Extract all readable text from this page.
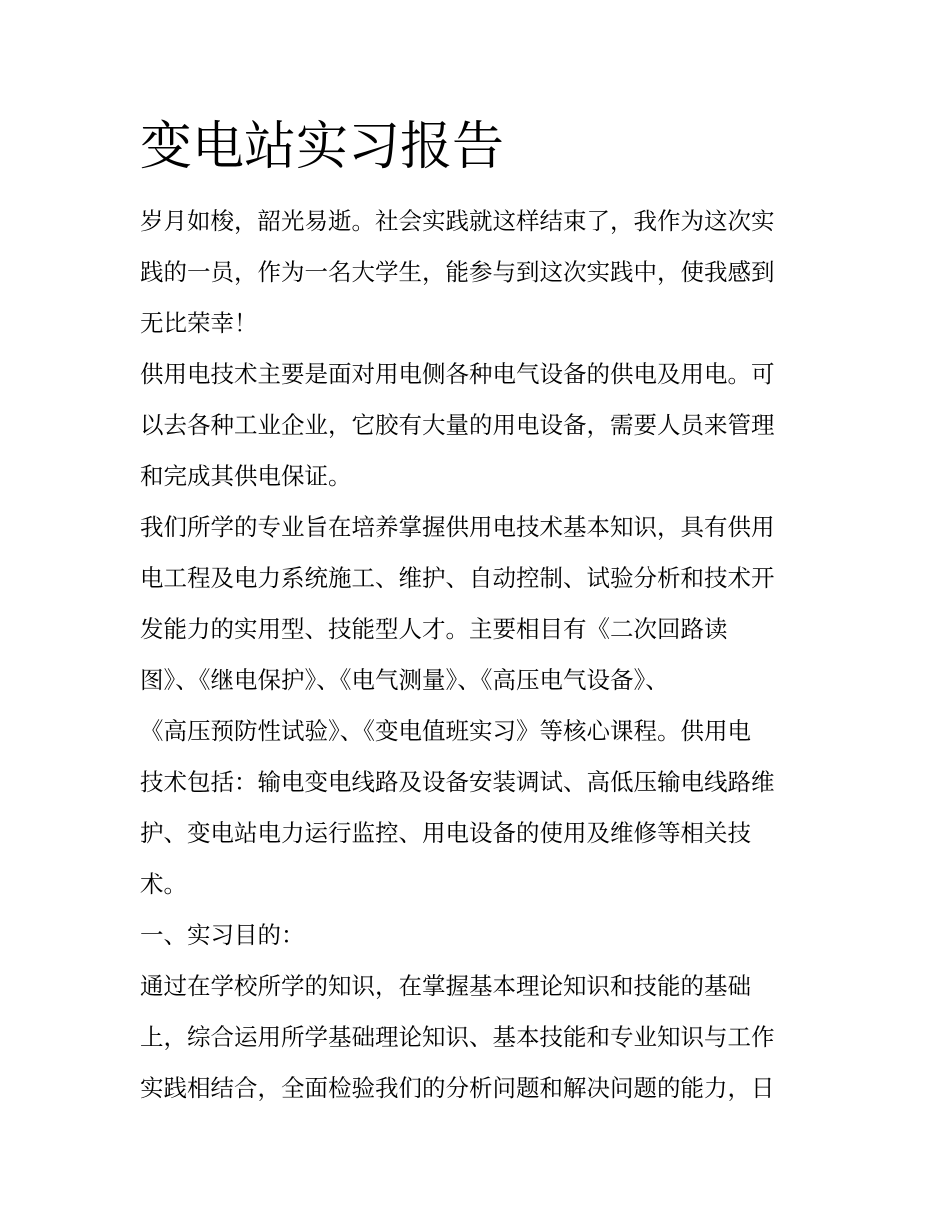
变电站实习报告

岁月如梭，韶光易逝。社会实践就这样结束了，我作为这次实

践的一员，作为一名大学生，能参与到这次实践中，使我感到

无比荣幸！

供用电技术主要是面对用电侧各种电气设备的供电及用电。可

以去各种工业企业，它胶有大量的用电设备，需要人员来管理

和完成其供电保证。

我们所学的专业旨在培养掌握供用电技术基本知识，具有供用

电工程及电力系统施工、维护、自动控制、试验分析和技术开

发能力的实用型、技能型人才。主要相目有《二次回路读

图》、《继电保护》、《电气测量》、《高压电气设备》、

《高压预防性试验》、《变电值班实习》等核心课程。供用电

技术包括：输电变电线路及设备安装调试、高低压输电线路维

护、变电站电力运行监控、用电设备的使用及维修等相关技

术。

一、实习目的：

通过在学校所学的知识，在掌握基本理论知识和技能的基础

上，综合运用所学基础理论知识、基本技能和专业知识与工作

实践相结合，全面检验我们的分析问题和解决问题的能力，日
